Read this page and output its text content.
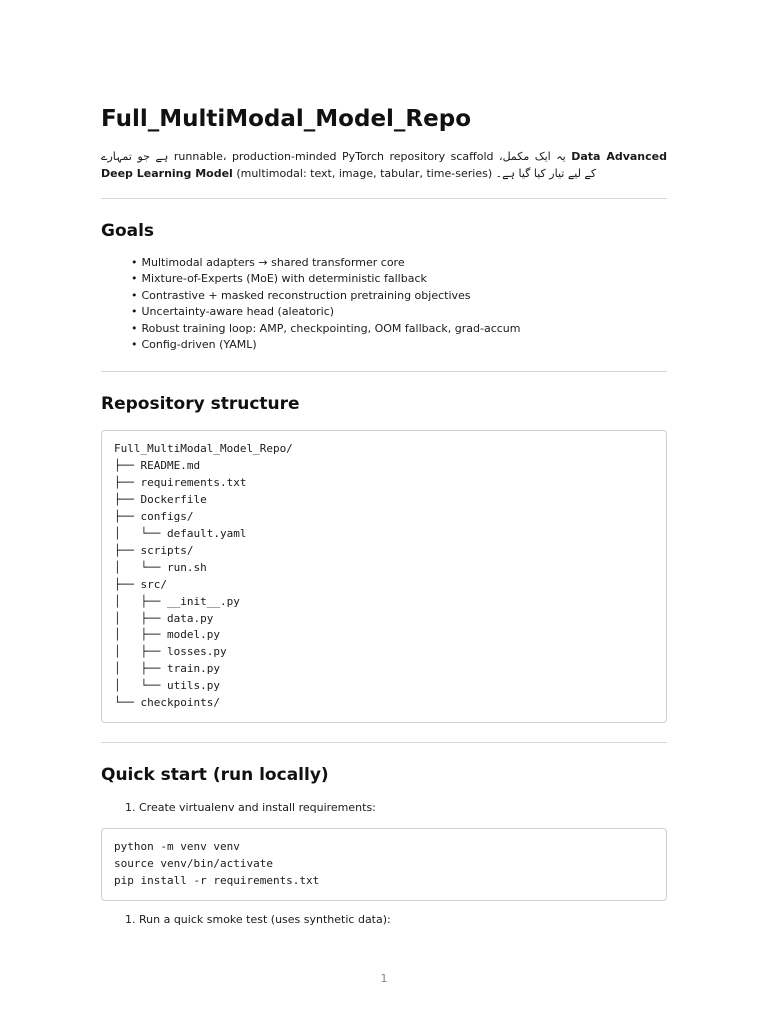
Full_MultiModal_Model_Repo

یہ ایک مکمل، runnable، production-minded PyTorch repository scaffold ہے جو تمہارے Data Advanced Deep Learning Model (multimodal: text, image, tabular, time-series) کے لیے تیار کیا گیا ہے۔

Goals
• Multimodal adapters → shared transformer core
• Mixture-of-Experts (MoE) with deterministic fallback
• Contrastive + masked reconstruction pretraining objectives
• Uncertainty-aware head (aleatoric)
• Robust training loop: AMP, checkpointing, OOM fallback, grad-accum
• Config-driven (YAML)
Repository structure
Full_MultiModal_Model_Repo/
├── README.md
├── requirements.txt
├── Dockerfile
├── configs/
│   └── default.yaml
├── scripts/
│   └── run.sh
├── src/
│   ├── __init__.py
│   ├── data.py
│   ├── model.py
│   ├── losses.py
│   ├── train.py
│   └── utils.py
└── checkpoints/
Quick start (run locally)
1. Create virtualenv and install requirements:
python -m venv venv
source venv/bin/activate
pip install -r requirements.txt
1. Run a quick smoke test (uses synthetic data):
1
